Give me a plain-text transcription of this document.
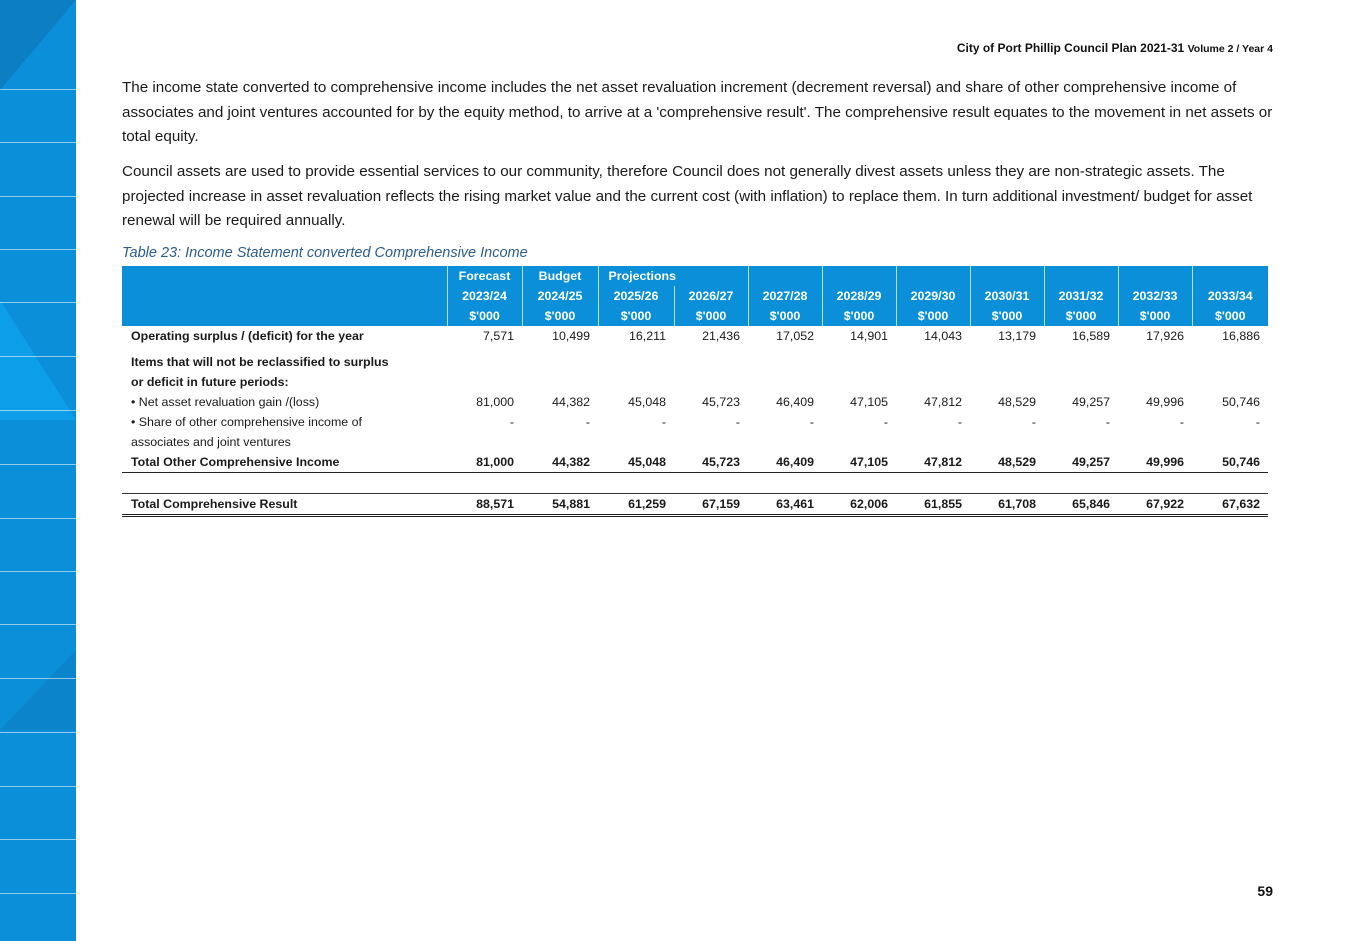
City of Port Phillip Council Plan 2021-31 Volume 2 / Year 4

The income state converted to comprehensive income includes the net asset revaluation increment (decrement reversal) and share of other comprehensive income of associates and joint ventures accounted for by the equity method, to arrive at a 'comprehensive result'. The comprehensive result equates to the movement in net assets or total equity.

Council assets are used to provide essential services to our community, therefore Council does not generally divest assets unless they are non-strategic assets. The projected increase in asset revaluation reflects the rising market value and the current cost (with inflation) to replace them. In turn additional investment/ budget for asset renewal will be required annually.

Table 23: Income Statement converted Comprehensive Income
	Forecast	Budget	Projections								
	2023/24	2024/25	2025/26	2026/27	2027/28	2028/29	2029/30	2030/31	2031/32	2032/33	2033/34
	$'000	$'000	$'000	$'000	$'000	$'000	$'000	$'000	$'000	$'000	$'000
Operating surplus / (deficit) for the year	7,571	10,499	16,211	21,436	17,052	14,901	14,043	13,179	16,589	17,926	16,886
Items that will not be reclassified to surplus											
or deficit in future periods:											
• Net asset revaluation gain /(loss)	81,000	44,382	45,048	45,723	46,409	47,105	47,812	48,529	49,257	49,996	50,746
• Share of other comprehensive income of	-	-	-	-	-	-	-	-	-	-	-
associates and joint ventures											
Total Other Comprehensive Income	81,000	44,382	45,048	45,723	46,409	47,105	47,812	48,529	49,257	49,996	50,746

Total Comprehensive Result	88,571	54,881	61,259	67,159	63,461	62,006	61,855	61,708	65,846	67,922	67,632
59
